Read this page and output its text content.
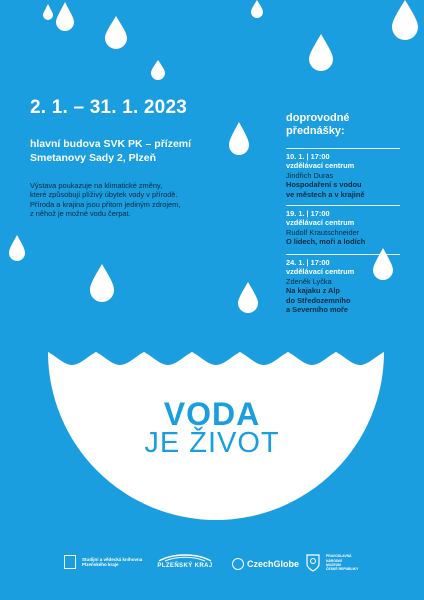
2. 1. – 31. 1. 2023
hlavní budova SVK PK – přízemí
Smetanovy Sady 2, Plzeň
Výstava poukazuje na klimatické změny,
které způsobují plíživý úbytek vody v přírodě.
Příroda a krajina jsou přitom jediným zdrojem,
z něhož je možné vodu čerpat.
doprovodné
přednášky:
10. 1. | 17:00
vzdělávací centrum
Jindřich Duras
Hospodaření s vodou
ve městech a v krajině
19. 1. | 17:00
vzdělávací centrum
Rudolf Krautschneider
O lidech, moři a lodích
24. 1. | 17:00
vzdělávací centrum
Zdeněk Lyčka
Na kajaku z Alp
do Středozemního
a Severního moře
VODA
JE ŽIVOT
Studijní a vědecká knihovna
Plzeňského kraje	PLZEŇSKÝ KRAJ	CzechGlobe
PRAVOSLAVNÁ
NÁRODNÍ
MUZEUM
ČESKÉ REPUBLIKY
